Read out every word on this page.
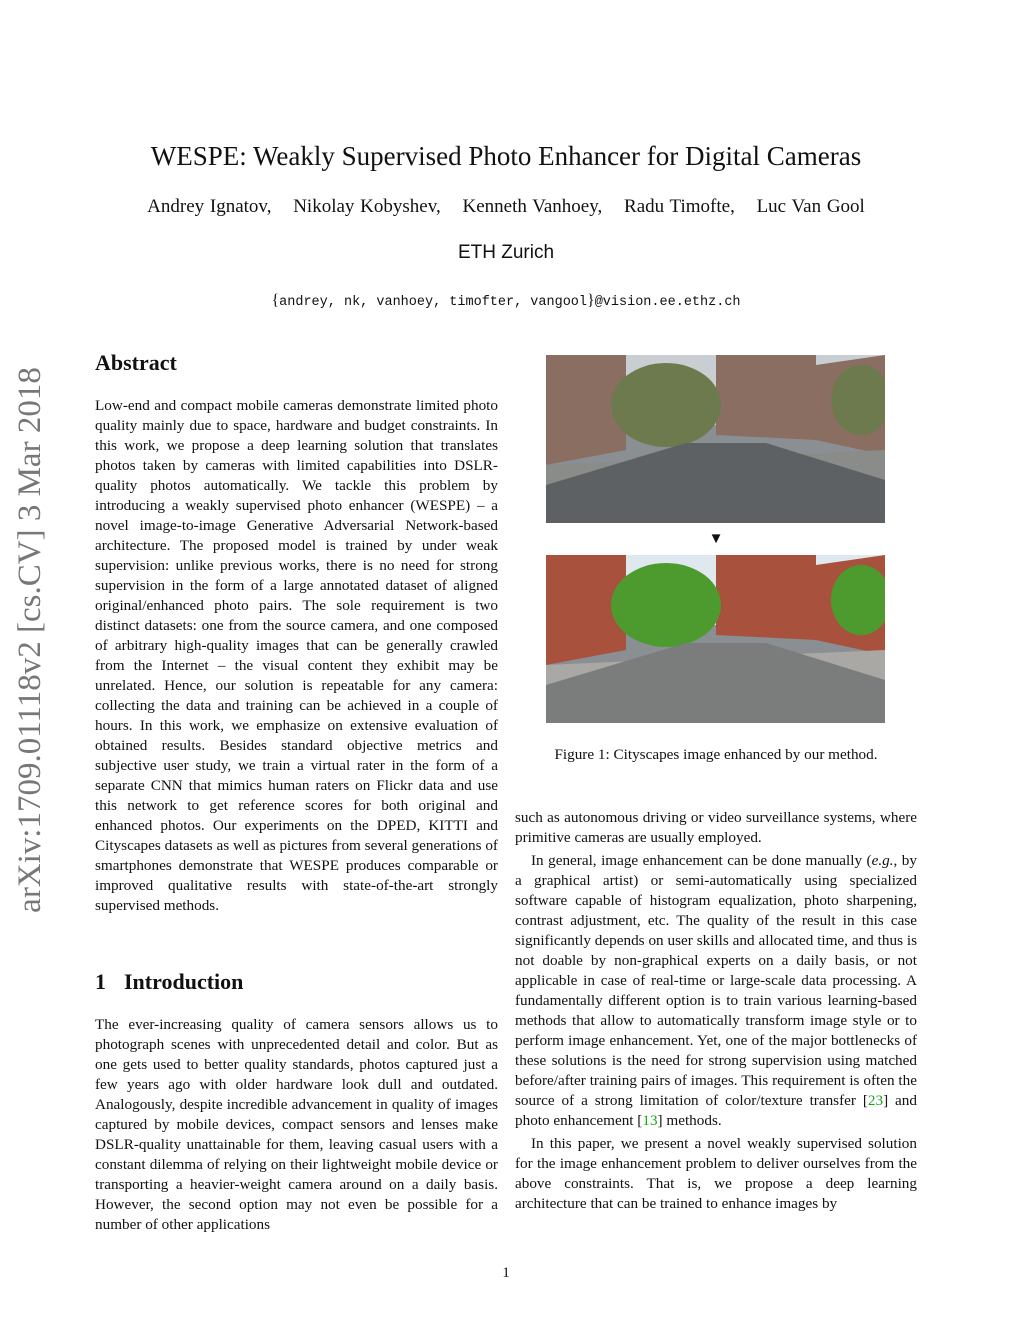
WESPE: Weakly Supervised Photo Enhancer for Digital Cameras
Andrey Ignatov, Nikolay Kobyshev, Kenneth Vanhoey, Radu Timofte, Luc Van Gool
ETH Zurich
{andrey, nk, vanhoey, timofter, vangool}@vision.ee.ethz.ch
arXiv:1709.01118v2 [cs.CV] 3 Mar 2018
Abstract

Low-end and compact mobile cameras demonstrate limited photo quality mainly due to space, hardware and budget constraints. In this work, we propose a deep learning solution that translates photos taken by cameras with limited capabilities into DSLR-quality photos automatically. We tackle this problem by introducing a weakly supervised photo enhancer (WESPE) – a novel image-to-image Generative Adversarial Network-based architecture. The proposed model is trained by under weak supervision: unlike previous works, there is no need for strong supervision in the form of a large annotated dataset of aligned original/enhanced photo pairs. The sole requirement is two distinct datasets: one from the source camera, and one composed of arbitrary high-quality images that can be generally crawled from the Internet – the visual content they exhibit may be unrelated. Hence, our solution is repeatable for any camera: collecting the data and training can be achieved in a couple of hours. In this work, we emphasize on extensive evaluation of obtained results. Besides standard objective metrics and subjective user study, we train a virtual rater in the form of a separate CNN that mimics human raters on Flickr data and use this network to get reference scores for both original and enhanced photos. Our experiments on the DPED, KITTI and Cityscapes datasets as well as pictures from several generations of smartphones demonstrate that WESPE produces comparable or improved qualitative results with state-of-the-art strongly supervised methods.

1 Introduction

The ever-increasing quality of camera sensors allows us to photograph scenes with unprecedented detail and color. But as one gets used to better quality standards, photos captured just a few years ago with older hardware look dull and outdated. Analogously, despite incredible advancement in quality of images captured by mobile devices, compact sensors and lenses make DSLR-quality unattainable for them, leaving casual users with a constant dilemma of relying on their lightweight mobile device or transporting a heavier-weight camera around on a daily basis. However, the second option may not even be possible for a number of other applications

▼
Figure 1: Cityscapes image enhanced by our method.

such as autonomous driving or video surveillance systems, where primitive cameras are usually employed.

In general, image enhancement can be done manually (e.g., by a graphical artist) or semi-automatically using specialized software capable of histogram equalization, photo sharpening, contrast adjustment, etc. The quality of the result in this case significantly depends on user skills and allocated time, and thus is not doable by non-graphical experts on a daily basis, or not applicable in case of real-time or large-scale data processing. A fundamentally different option is to train various learning-based methods that allow to automatically transform image style or to perform image enhancement. Yet, one of the major bottlenecks of these solutions is the need for strong supervision using matched before/after training pairs of images. This requirement is often the source of a strong limitation of color/texture transfer [23] and photo enhancement [13] methods.

In this paper, we present a novel weakly supervised solution for the image enhancement problem to deliver ourselves from the above constraints. That is, we propose a deep learning architecture that can be trained to enhance images by

1
